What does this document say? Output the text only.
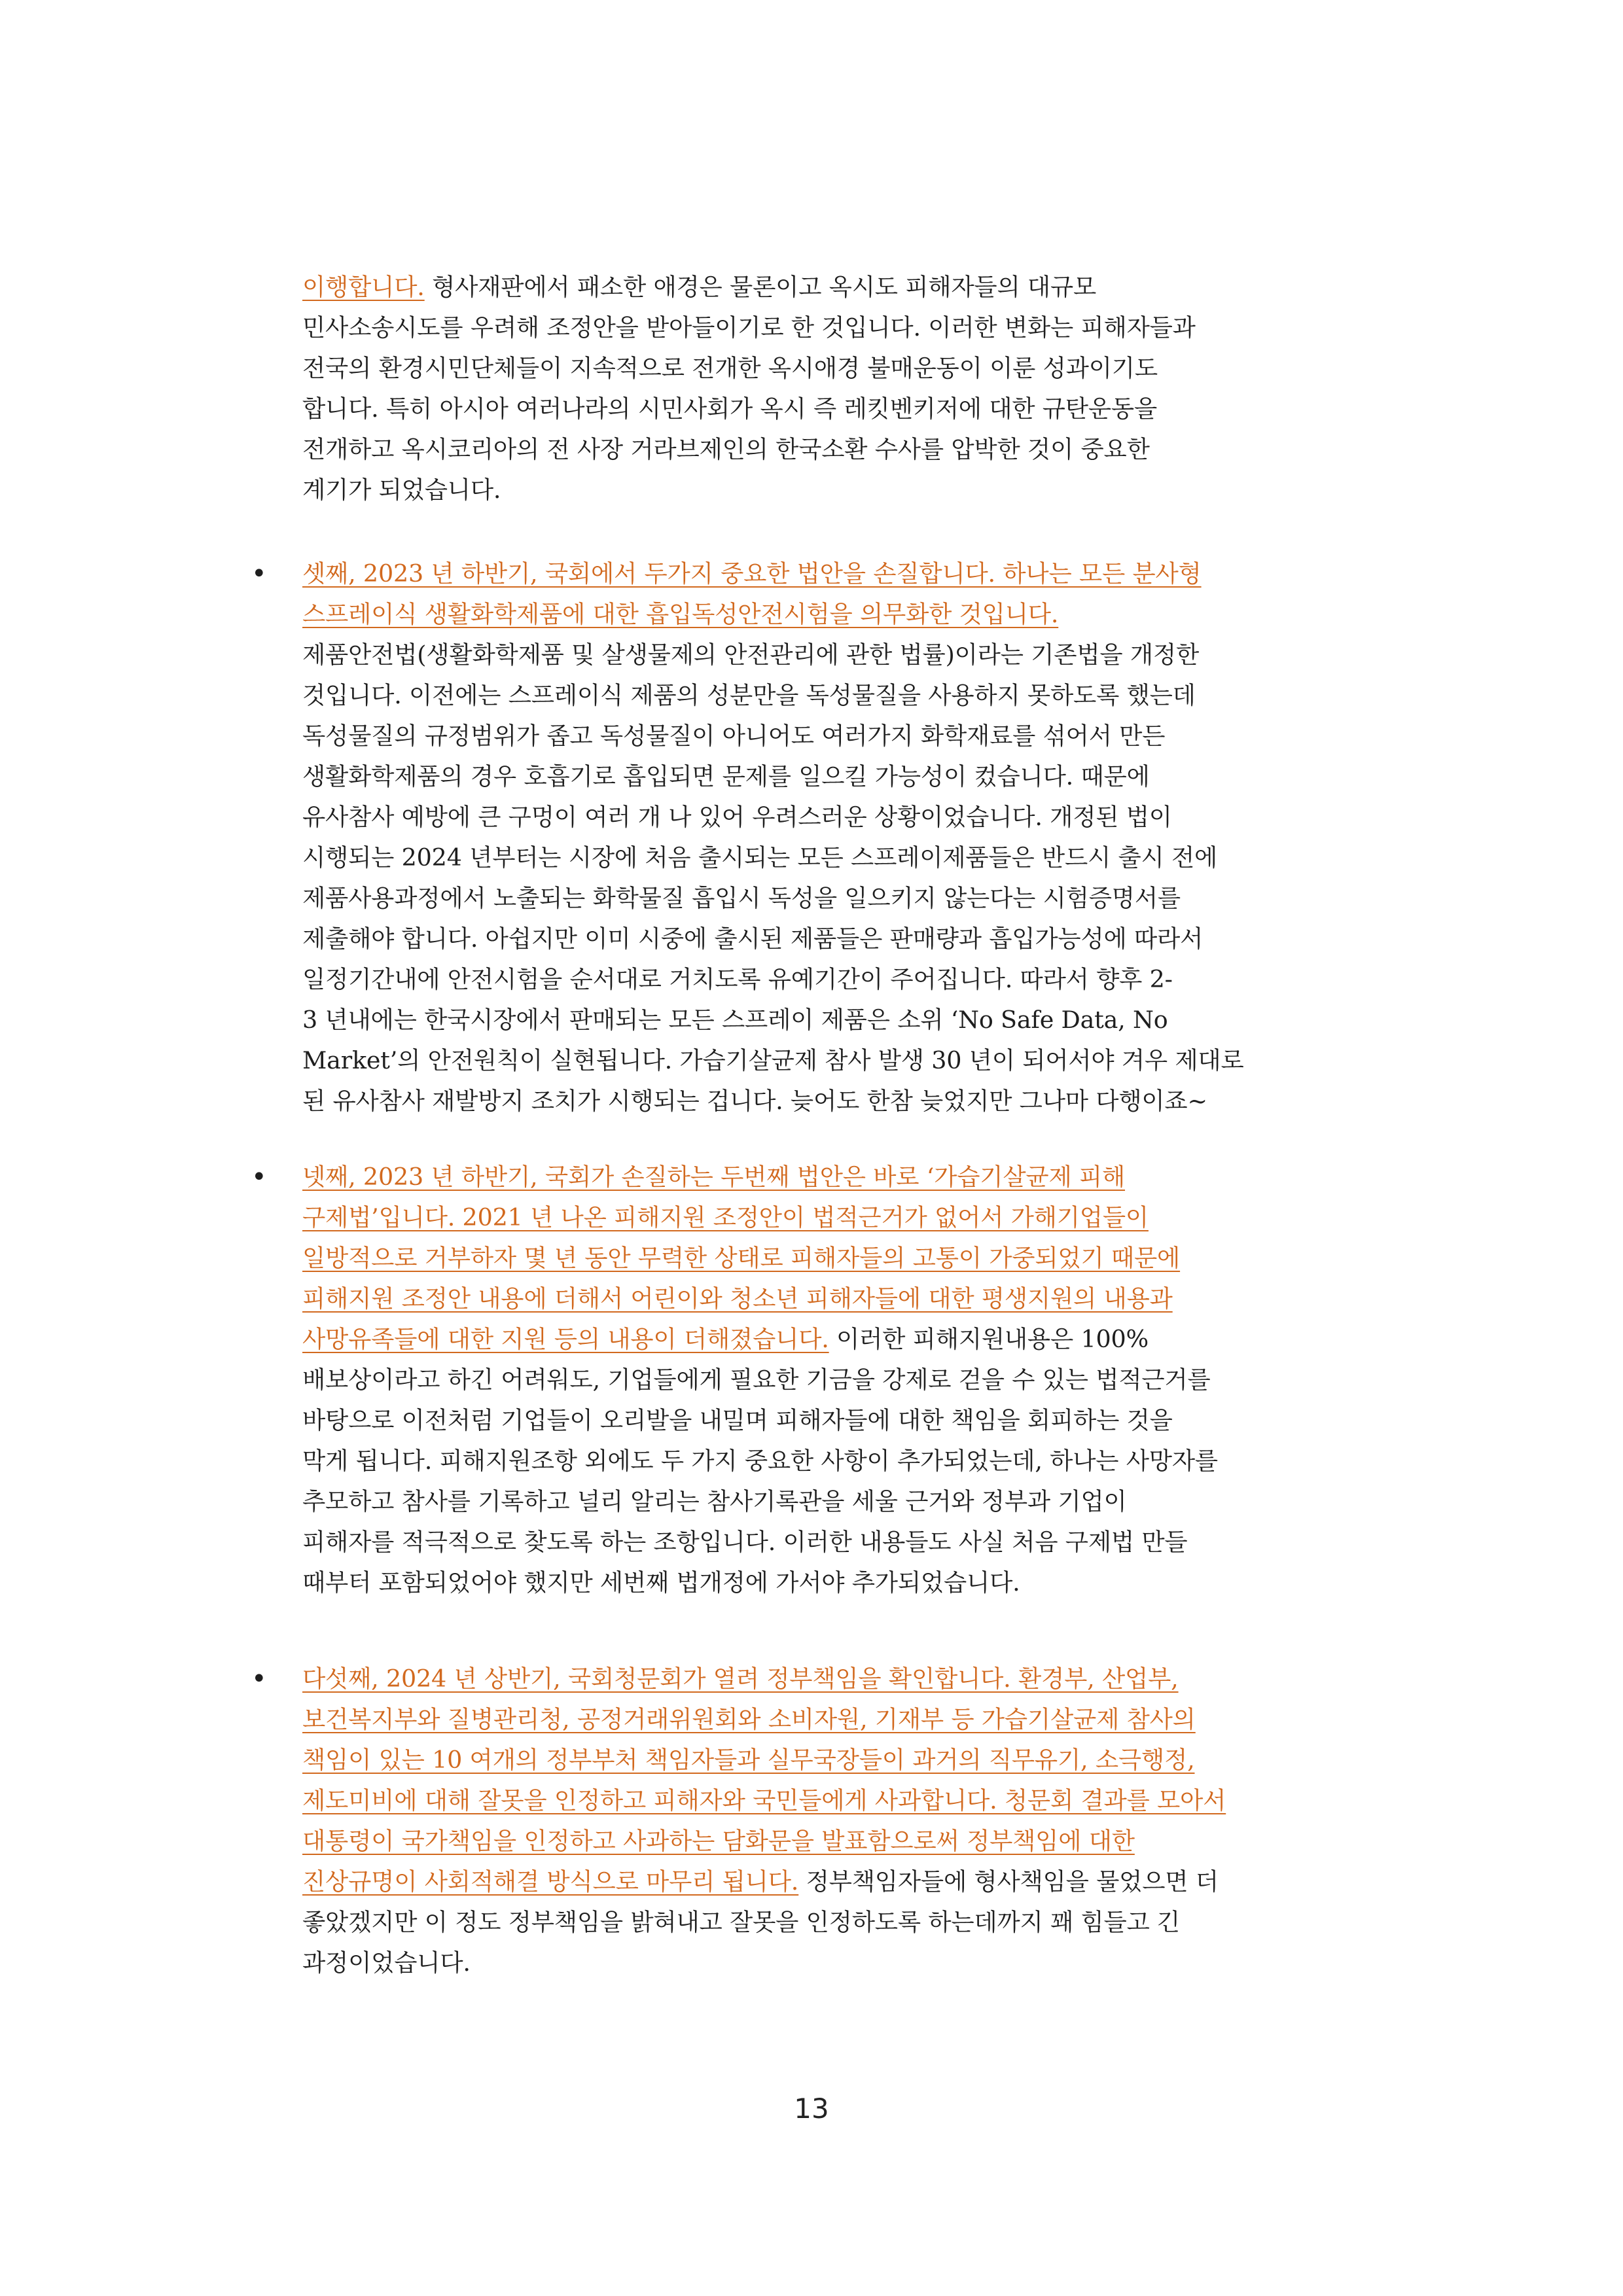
이행합니다. 형사재판에서 패소한 애경은 물론이고 옥시도 피해자들의 대규모
민사소송시도를 우려해 조정안을 받아들이기로 한 것입니다. 이러한 변화는 피해자들과
전국의 환경시민단체들이 지속적으로 전개한 옥시애경 불매운동이 이룬 성과이기도
합니다. 특히 아시아 여러나라의 시민사회가 옥시 즉 레킷벤키저에 대한 규탄운동을
전개하고 옥시코리아의 전 사장 거라브제인의 한국소환 수사를 압박한 것이 중요한
계기가 되었습니다.
• 셋째, 2023 년 하반기, 국회에서 두가지 중요한 법안을 손질합니다. 하나는 모든 분사형
스프레이식 생활화학제품에 대한 흡입독성안전시험을 의무화한 것입니다.
제품안전법(생활화학제품 및 살생물제의 안전관리에 관한 법률)이라는 기존법을 개정한
것입니다. 이전에는 스프레이식 제품의 성분만을 독성물질을 사용하지 못하도록 했는데
독성물질의 규정범위가 좁고 독성물질이 아니어도 여러가지 화학재료를 섞어서 만든
생활화학제품의 경우 호흡기로 흡입되면 문제를 일으킬 가능성이 컸습니다. 때문에
유사참사 예방에 큰 구멍이 여러 개 나 있어 우려스러운 상황이었습니다. 개정된 법이
시행되는 2024 년부터는 시장에 처음 출시되는 모든 스프레이제품들은 반드시 출시 전에
제품사용과정에서 노출되는 화학물질 흡입시 독성을 일으키지 않는다는 시험증명서를
제출해야 합니다. 아쉽지만 이미 시중에 출시된 제품들은 판매량과 흡입가능성에 따라서
일정기간내에 안전시험을 순서대로 거치도록 유예기간이 주어집니다. 따라서 향후 2-
3 년내에는 한국시장에서 판매되는 모든 스프레이 제품은 소위 ‘No Safe Data, No
Market’의 안전원칙이 실현됩니다. 가습기살균제 참사 발생 30 년이 되어서야 겨우 제대로
된 유사참사 재발방지 조치가 시행되는 겁니다. 늦어도 한참 늦었지만 그나마 다행이죠~
• 넷째, 2023 년 하반기, 국회가 손질하는 두번째 법안은 바로 ‘가습기살균제 피해
구제법’입니다. 2021 년 나온 피해지원 조정안이 법적근거가 없어서 가해기업들이
일방적으로 거부하자 몇 년 동안 무력한 상태로 피해자들의 고통이 가중되었기 때문에
피해지원 조정안 내용에 더해서 어린이와 청소년 피해자들에 대한 평생지원의 내용과
사망유족들에 대한 지원 등의 내용이 더해졌습니다. 이러한 피해지원내용은 100%
배보상이라고 하긴 어려워도, 기업들에게 필요한 기금을 강제로 걷을 수 있는 법적근거를
바탕으로 이전처럼 기업들이 오리발을 내밀며 피해자들에 대한 책임을 회피하는 것을
막게 됩니다. 피해지원조항 외에도 두 가지 중요한 사항이 추가되었는데, 하나는 사망자를
추모하고 참사를 기록하고 널리 알리는 참사기록관을 세울 근거와 정부과 기업이
피해자를 적극적으로 찾도록 하는 조항입니다. 이러한 내용들도 사실 처음 구제법 만들
때부터 포함되었어야 했지만 세번째 법개정에 가서야 추가되었습니다.
• 다섯째, 2024 년 상반기, 국회청문회가 열려 정부책임을 확인합니다. 환경부, 산업부,
보건복지부와 질병관리청, 공정거래위원회와 소비자원, 기재부 등 가습기살균제 참사의
책임이 있는 10 여개의 정부부처 책임자들과 실무국장들이 과거의 직무유기, 소극행정,
제도미비에 대해 잘못을 인정하고 피해자와 국민들에게 사과합니다. 청문회 결과를 모아서
대통령이 국가책임을 인정하고 사과하는 담화문을 발표함으로써 정부책임에 대한
진상규명이 사회적해결 방식으로 마무리 됩니다. 정부책임자들에 형사책임을 물었으면 더
좋았겠지만 이 정도 정부책임을 밝혀내고 잘못을 인정하도록 하는데까지 꽤 힘들고 긴
과정이었습니다.
13
